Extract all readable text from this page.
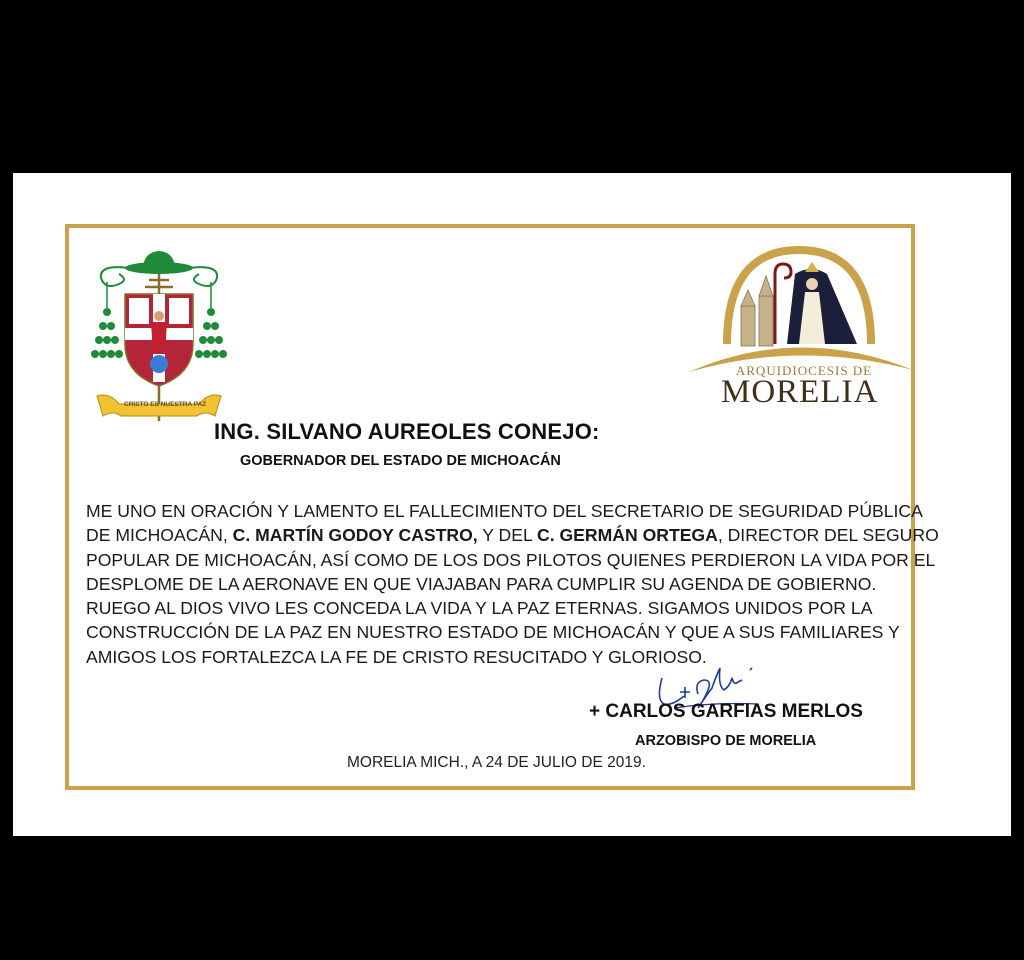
CRISTO ES NUESTRA PAZ
ARQUIDIOCESIS DE
MORELIA
ING. SILVANO AUREOLES CONEJO:
GOBERNADOR DEL ESTADO DE MICHOACÁN
ME UNO EN ORACIÓN Y LAMENTO EL FALLECIMIENTO DEL SECRETARIO DE SEGURIDAD PÚBLICA
DE MICHOACÁN, C. MARTÍN GODOY CASTRO, Y DEL C. GERMÁN ORTEGA, DIRECTOR DEL SEGURO
POPULAR DE MICHOACÁN, ASÍ COMO DE LOS DOS PILOTOS QUIENES PERDIERON LA VIDA POR EL
DESPLOME DE LA AERONAVE EN QUE VIAJABAN PARA CUMPLIR SU AGENDA DE GOBIERNO.
RUEGO AL DIOS VIVO LES CONCEDA LA VIDA Y LA PAZ ETERNAS. SIGAMOS UNIDOS POR LA
CONSTRUCCIÓN DE LA PAZ EN NUESTRO ESTADO DE MICHOACÁN Y QUE A SUS FAMILIARES Y
AMIGOS LOS FORTALEZCA LA FE DE CRISTO RESUCITADO Y GLORIOSO.
+ CARLOS GARFIAS MERLOS
ARZOBISPO DE MORELIA
MORELIA MICH., A 24 DE JULIO DE 2019.
